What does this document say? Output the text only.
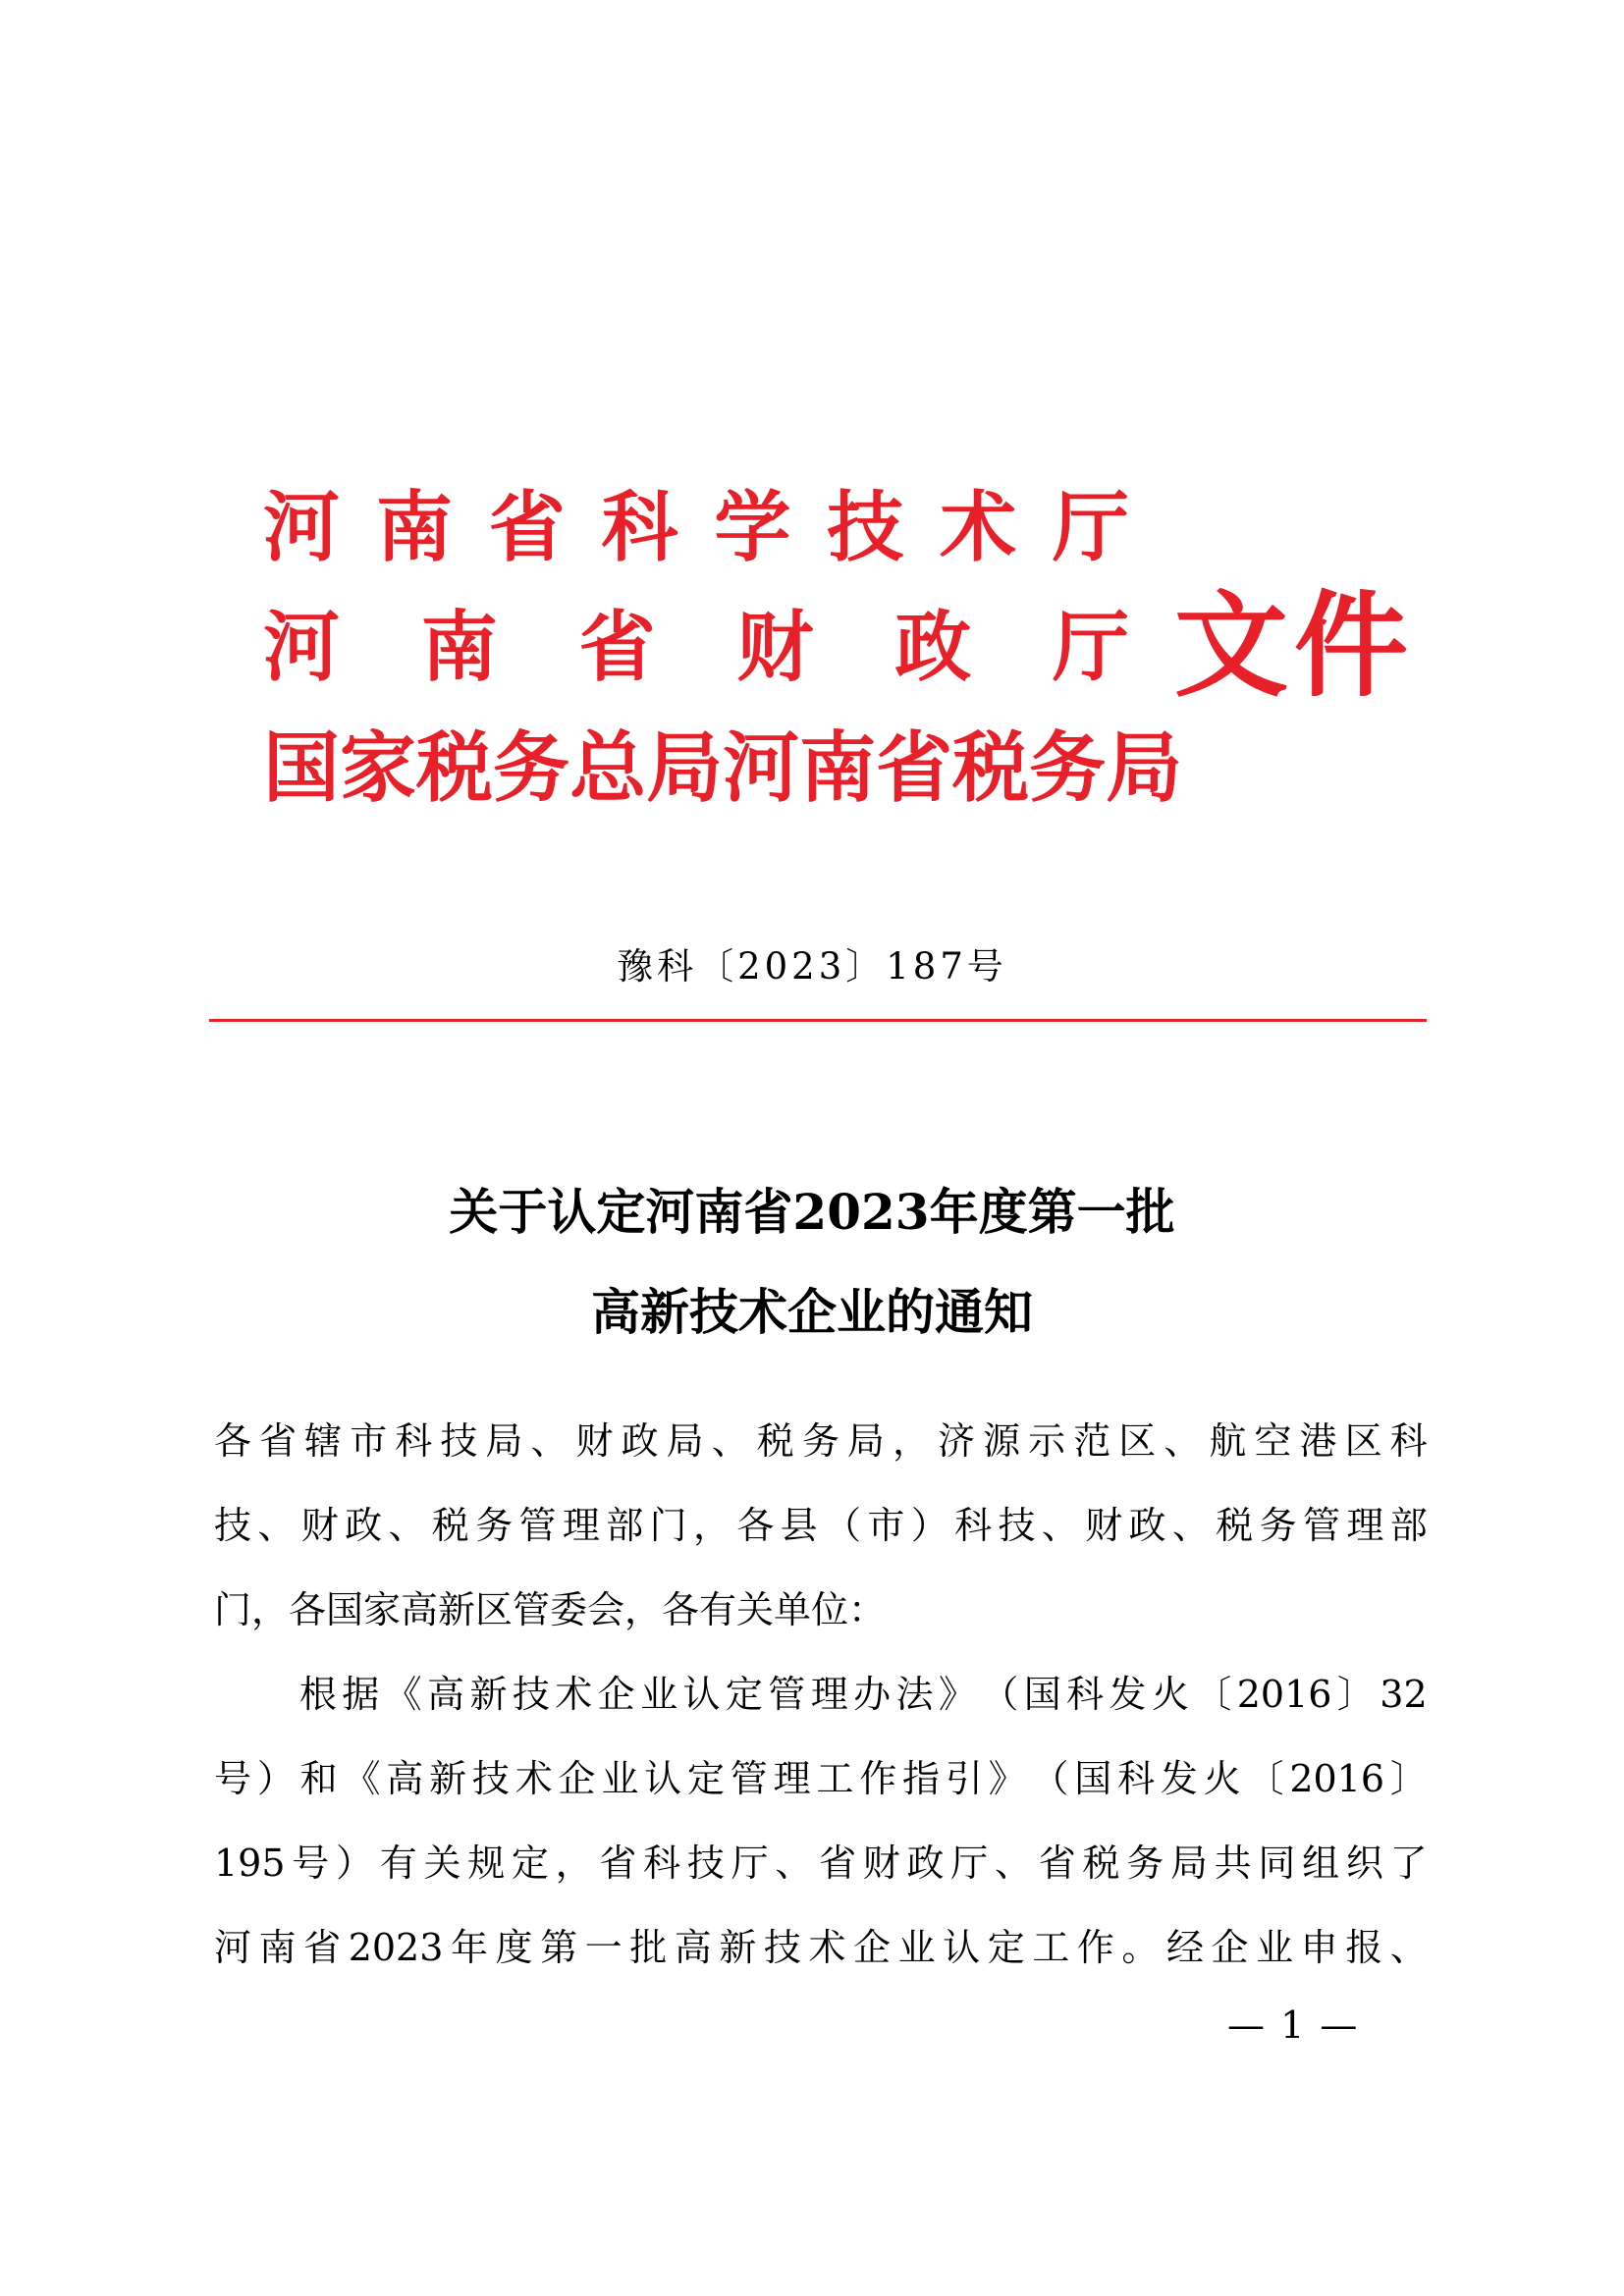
河 南 省 科 学 技 术 厅
河 南 省 财 政 厅
国 家 税 务 总 局 河 南 省 税 务 局
文件
豫科〔2023〕187号
关于认定河南省2023年度第一批
高新技术企业的通知
各 省 辖 市 科 技 局 、 财 政 局 、 税 务 局 ， 济 源 示 范 区 、 航 空 港 区 科
技 、 财 政 、 税 务 管 理 部 门 ， 各 县 （ 市 ） 科 技 、 财 政 、 税 务 管 理 部
门，各国家高新区管委会，各有关单位：

根 据 《 高 新 技 术 企 业 认 定 管 理 办 法 》 （ 国 科 发 火 〔 2016 〕 32
号 ） 和 《 高 新 技 术 企 业 认 定 管 理 工 作 指 引 》 （ 国 科 发 火 〔 2016 〕
195 号 ） 有 关 规 定 ， 省 科 技 厅 、 省 财 政 厅 、 省 税 务 局 共 同 组 织 了
河 南 省 2023 年 度 第 一 批 高 新 技 术 企 业 认 定 工 作 。 经 企 业 申 报 、
— 1 —
